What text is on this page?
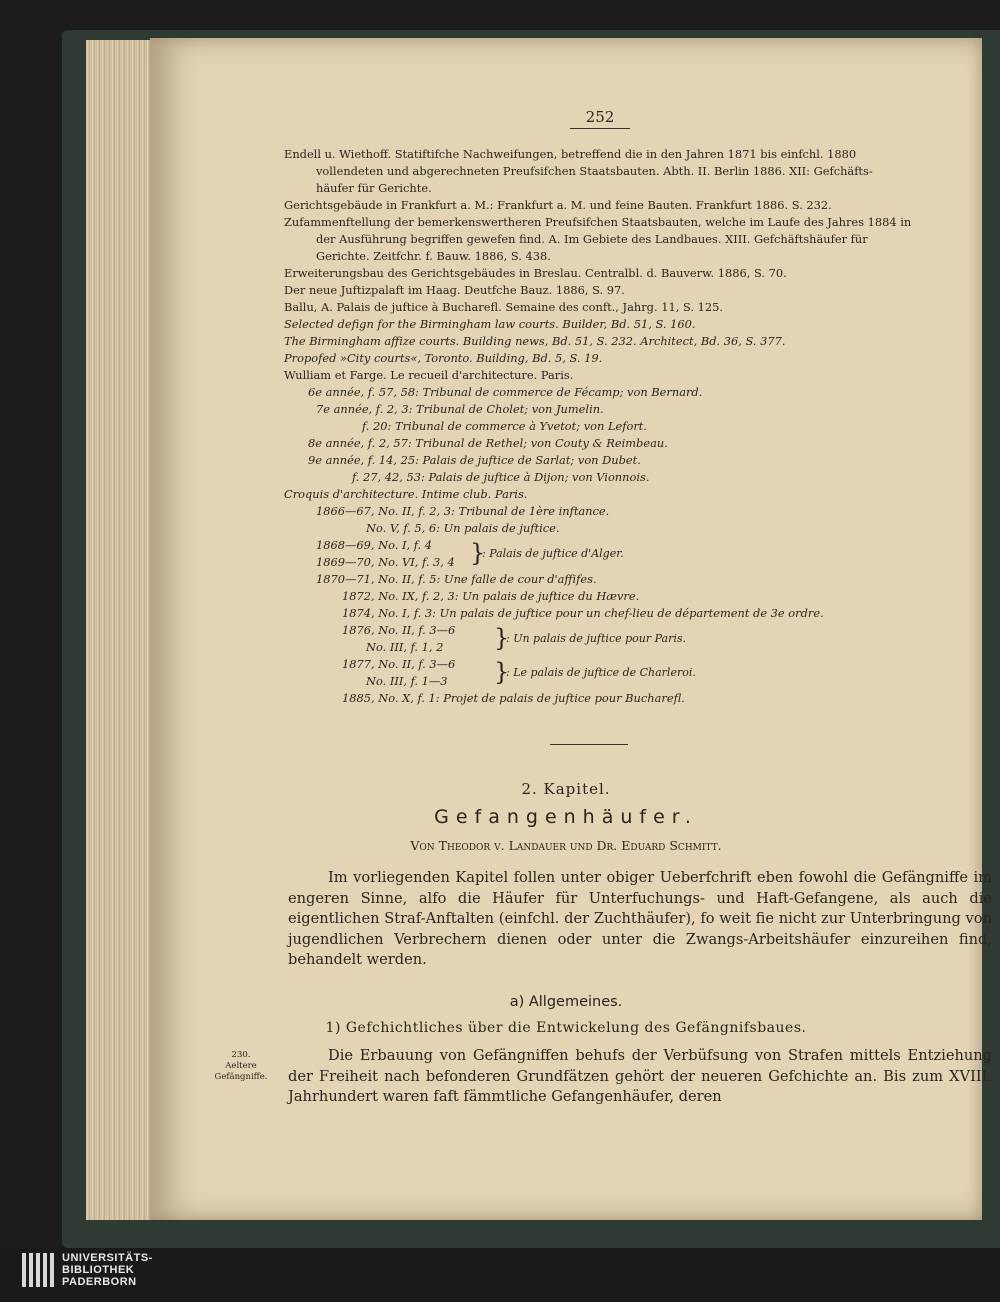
252
Endell u. Wiethoff. Statiftifche Nachweifungen, betreffend die in den Jahren 1871 bis einfchl. 1880
vollendeten und abgerechneten Preufsifchen Staatsbauten. Abth. II. Berlin 1886. XII: Gefchäfts-
häufer für Gerichte.
Gerichtsgebäude in Frankfurt a. M.: Frankfurt a. M. und feine Bauten. Frankfurt 1886. S. 232.
Zufammenftellung der bemerkenswertheren Preufsifchen Staatsbauten, welche im Laufe des Jahres 1884 in
der Ausführung begriffen gewefen find. A. Im Gebiete des Landbaues. XIII. Gefchäftshäufer für
Gerichte. Zeitfchr. f. Bauw. 1886, S. 438.
Erweiterungsbau des Gerichtsgebäudes in Breslau. Centralbl. d. Bauverw. 1886, S. 70.
Der neue Juftizpalaft im Haag. Deutfche Bauz. 1886, S. 97.
Ballu, A. Palais de juftice à Bucharefl. Semaine des conft., Jahrg. 11, S. 125.
Selected defign for the Birmingham law courts. Builder, Bd. 51, S. 160.
The Birmingham affize courts. Building news, Bd. 51, S. 232. Architect, Bd. 36, S. 377.
Propofed »City courts«, Toronto. Building, Bd. 5, S. 19.
Wulliam et Farge. Le recueil d'architecture. Paris.
6e année, f. 57, 58: Tribunal de commerce de Fécamp; von Bernard.
7e année, f. 2, 3: Tribunal de Cholet; von Jumelin.
f. 20: Tribunal de commerce à Yvetot; von Lefort.
8e année, f. 2, 57: Tribunal de Rethel; von Couty & Reimbeau.
9e année, f. 14, 25: Palais de juftice de Sarlat; von Dubet.
f. 27, 42, 53: Palais de juftice à Dijon; von Vionnois.
Croquis d'architecture. Intime club. Paris.
1866—67, No. II, f. 2, 3: Tribunal de 1ère inftance.
No. V, f. 5, 6: Un palais de juftice.
1868—69, No. I, f. 4
1869—70, No. VI, f. 3, 4
: Palais de juftice d'Alger.
}
1870—71, No. II, f. 5: Une falle de cour d'affifes.
1872, No. IX, f. 2, 3: Un palais de juftice du Hævre.
1874, No. I, f. 3: Un palais de juftice pour un chef-lieu de département de 3e ordre.
1876, No. II, f. 3—6
No. III, f. 1, 2
: Un palais de juftice pour Paris.
}
1877, No. II, f. 3—6
No. III, f. 1—3
: Le palais de juftice de Charleroi.
}
1885, No. X, f. 1: Projet de palais de juftice pour Bucharefl.
2. Kapitel.
Gefangenhäufer.
Von Theodor v. Landauer und Dr. Eduard Schmitt.
Im vorliegenden Kapitel follen unter obiger Ueberfchrift eben fowohl die Gefängniffe im engeren Sinne, alfo die Häufer für Unterfuchungs- und Haft-Gefangene, als auch die eigentlichen Straf-Anftalten (einfchl. der Zuchthäufer), fo weit fie nicht zur Unterbringung von jugendlichen Verbrechern dienen oder unter die Zwangs-Arbeitshäufer einzureihen find, behandelt werden.
a) Allgemeines.
1) Gefchichtliches über die Entwickelung des Gefängnifsbaues.
230.
Aeltere Gefängniffe.
Die Erbauung von Gefängniffen behufs der Verbüfsung von Strafen mittels Entziehung der Freiheit nach befonderen Grundfätzen gehört der neueren Gefchichte an. Bis zum XVIII. Jahrhundert waren faft fämmtliche Gefangenhäufer, deren
UNIVERSITÄTS-
BIBLIOTHEK
PADERBORN
